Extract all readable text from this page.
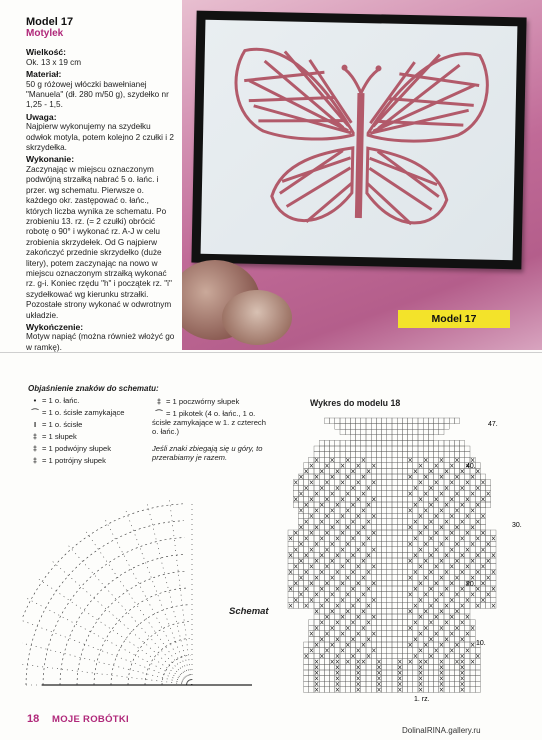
Model 17
Motylek
Wielkość:

Ok. 13 x 19 cm

Materiał:

50 g różowej włóczki bawełnianej "Manuela" (dł. 280 m/50 g), szydełko nr 1,25 - 1,5.

Uwaga:

Najpierw wykonujemy na szydełku odwłok motyla, potem kolejno 2 czułki i 2 skrzydełka.

Wykonanie:

Zaczynając w miejscu oznaczonym podwójną strzałką nabrać 5 o. łańc. i przer. wg schematu. Pierwsze o. każdego okr. zastępować o. łańc., których liczba wynika ze schematu. Po zrobieniu 13. rz. (= 2 czułki) obrócić robotę o 90° i wykonać rz. A-J w celu zrobienia skrzydełek. Od G najpierw zakończyć przednie skrzydełko (duże litery), potem zaczynając na nowo w miejscu oznaczonym strzałką wykonać rz. g-i. Koniec rzędu "h" i początek rz. "i" szydełkować wg kierunku strzałki. Pozostałe strony wykonać w odwrotnym układzie.

Wykończenie:

Motyw napiąć (można również włożyć go w ramkę).

Model 17
Objaśnienie znaków do schematu:
• = 1 o. łańc.
⌒ = 1 o. ścisłe zamykające
I = 1 o. ścisłe
‡ = 1 słupek
‡ = 1 podwójny słupek
‡ = 1 potrójny słupek
‡ = 1 poczwórny słupek
⌒ = 1 pikotek (4 o. łańc., 1 o. ścisłe zamykające w 1. z czterech o. łańc.)
Jeśli znaki zbiegają się u góry, to przerabiamy je razem.
Schemat
Wykres do modelu 18
47.
40.
30.
20.
10.
1. rz.
18 MOJE ROBÓTKI
DolinaIRINA.gallery.ru
